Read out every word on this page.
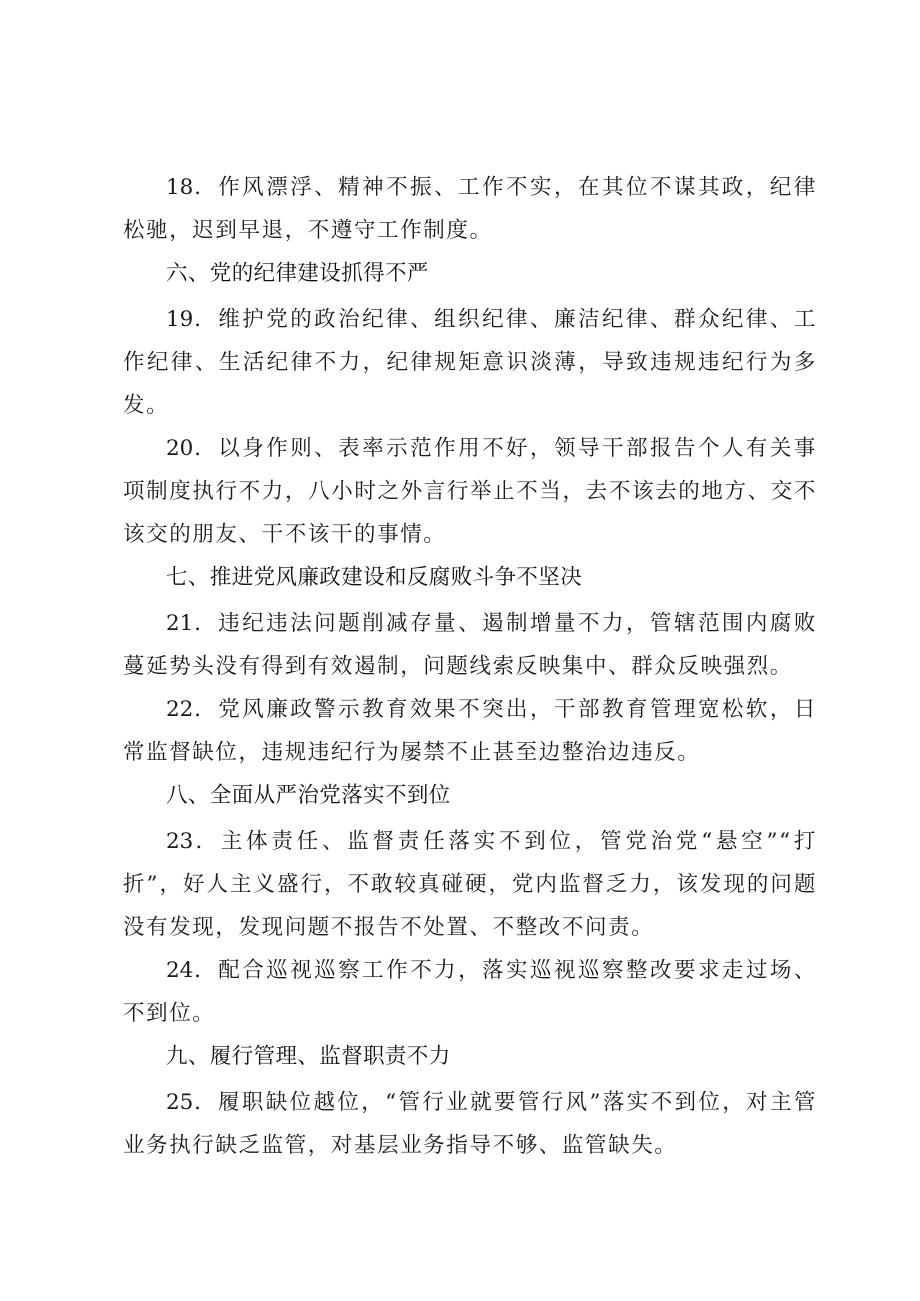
18．作风漂浮、精神不振、工作不实，在其位不谋其政，纪律松驰，迟到早退，不遵守工作制度。

六、党的纪律建设抓得不严

19．维护党的政治纪律、组织纪律、廉洁纪律、群众纪律、工作纪律、生活纪律不力，纪律规矩意识淡薄，导致违规违纪行为多发。

20．以身作则、表率示范作用不好，领导干部报告个人有关事项制度执行不力，八小时之外言行举止不当，去不该去的地方、交不该交的朋友、干不该干的事情。

七、推进党风廉政建设和反腐败斗争不坚决

21．违纪违法问题削减存量、遏制增量不力，管辖范围内腐败蔓延势头没有得到有效遏制，问题线索反映集中、群众反映强烈。

22．党风廉政警示教育效果不突出，干部教育管理宽松软，日常监督缺位，违规违纪行为屡禁不止甚至边整治边违反。

八、全面从严治党落实不到位

23．主体责任、监督责任落实不到位，管党治党“悬空”“打折”，好人主义盛行，不敢较真碰硬，党内监督乏力，该发现的问题没有发现，发现问题不报告不处置、不整改不问责。

24．配合巡视巡察工作不力，落实巡视巡察整改要求走过场、不到位。

九、履行管理、监督职责不力

25．履职缺位越位，“管行业就要管行风”落实不到位，对主管业务执行缺乏监管，对基层业务指导不够、监管缺失。
